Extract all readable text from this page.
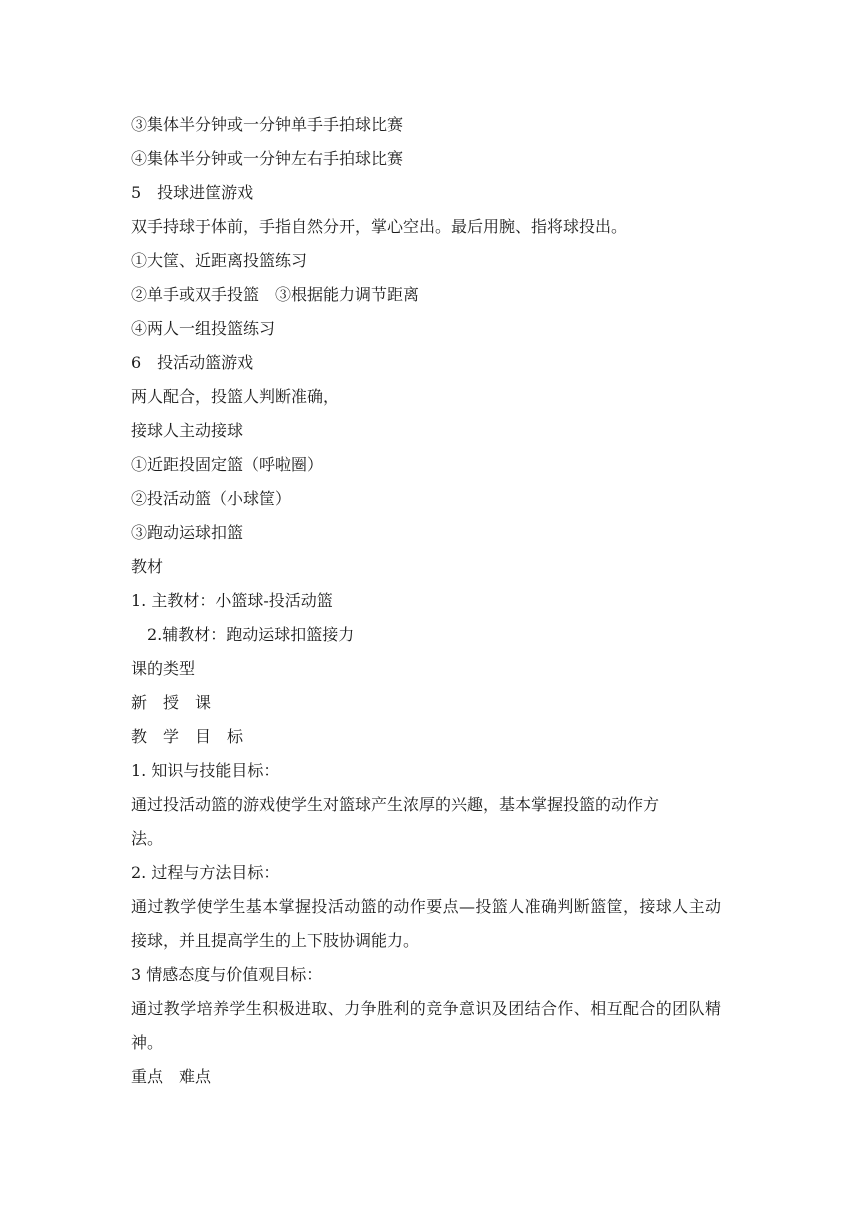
③集体半分钟或一分钟单手手拍球比赛
④集体半分钟或一分钟左右手拍球比赛
5　投球进筐游戏
双手持球于体前，手指自然分开，掌心空出。最后用腕、指将球投出。
①大筐、近距离投篮练习
②单手或双手投篮　③根据能力调节距离
④两人一组投篮练习
6　投活动篮游戏
两人配合，投篮人判断准确，
接球人主动接球
①近距投固定篮（呼啦圈）
②投活动篮（小球筐）
③跑动运球扣篮
教材
1. 主教材：小篮球-投活动篮
2.辅教材：跑动运球扣篮接力
课的类型
新　授　课
教　学　目　标
1. 知识与技能目标：
通过投活动篮的游戏使学生对篮球产生浓厚的兴趣，基本掌握投篮的动作方
法。
2. 过程与方法目标：
通过教学使学生基本掌握投活动篮的动作要点—投篮人准确判断篮筐，接球人主动接球，并且提高学生的上下肢协调能力。
3 情感态度与价值观目标：
通过教学培养学生积极进取、力争胜利的竞争意识及团结合作、相互配合的团队精神。
重点　难点
